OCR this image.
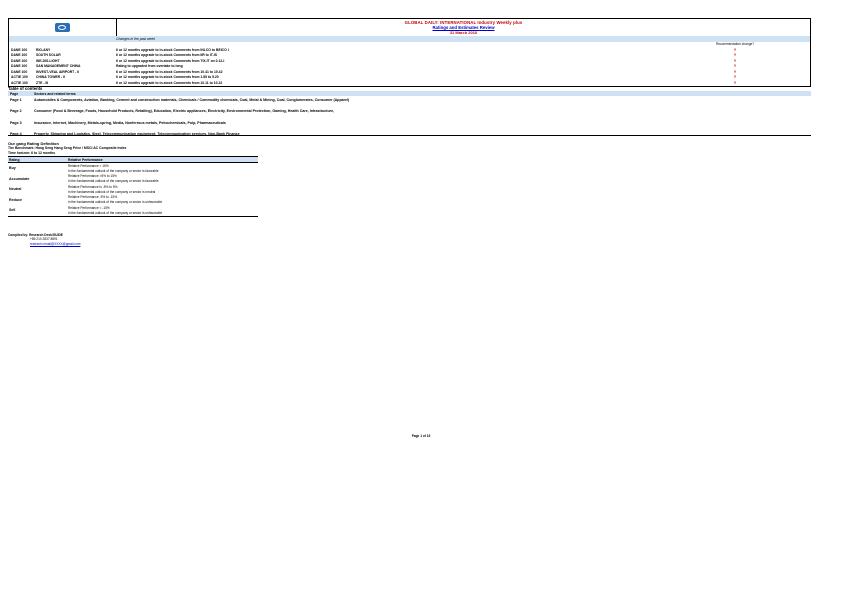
GLOBAL DAILY: INTERNATIONAL Industry Weekly plus
Ratings and Estimates Review
31 March 2010
Changes in the past week
Recommendation change?
DANE 100	RIO-ANY	6 or 12 months upgrade to in-stock Comments from INLCO to BEICO I	Y
DANE 100	SOUTH SOLAR	6 or 12 months upgrade to in-stock Comments from IIR to IT-IS	Y
DANE 100	WE-DIS-LIGHT	6 or 12 months upgrade to in-stock Comments from TIX.IT on 0.12-I	Y
DANE 100	SAN MANAGEMENT CHINA	Rating to upgraded from overtake to long	Y
DANE 100	INVEST-VEAL AIRPORT - II	6 or 12 months upgrade to in-stock Comments from 10.41 to 10.42	Y
ACTIE 100	CHINA TOWER - II	6 or 12 months upgrade to in-stock Comments from 1.85 to 5.20	Y
ACTIE 100	ZTE - III	6 or 12 months upgrade to in-stock Comments from 10.11 to 10.22	Y
Table of contents
Page	Sectors and related terms
Page 1	Automobiles & Components, Aviation, Banking, Cement and construction materials, Chemicals / Commodity chemicals, Coal, Metal & Mining, Coal, Conglomerates, Consumer (Apparel)
Page 2	Consumer (Food & Beverage, Foods, Household Products, Retailing), Education, Electric appliances, Electricity, Environmental Protection, Gaming, Health Care, Infrastructure,
Page 3	Insurance, Internet, Machinery, Metals-spring, Media, Nonferrous metals, Petrochemicals, Pulp, Pharmaceuticals
Page 4	Property, Shipping and Logistics, Steel, Telecommunication equipment, Telecommunication services, Non-Bank Finance
Our gang Rating Definition
The Benchmark: Hang Seng Hang Seng Price / MSCI AC Composite Index
Time horizon: 6 to 12 months
Rating	Relative Performance
Buy
Relative Performance > 15%
in the fundamental outlook of the company or sector is favorable
Accumulate
Relative Performance >5% to 15%
in the fundamental outlook of the company or sector is favorable
Neutral
Relative Performance is -5% to 5%
in the fundamental outlook of the company or sector is neutral
Reduce
Relative Performance -5% to -15%
in the fundamental outlook of the company or sector is unfavorable
Sell
Relative Performance < -15%
in the fundamental outlook of the company or sector is unfavorable
Compiled by: Research Desk/GUIDE
+85 210 2837 8891
research.email@XXXX@gmail.com
Page 1 of 15
